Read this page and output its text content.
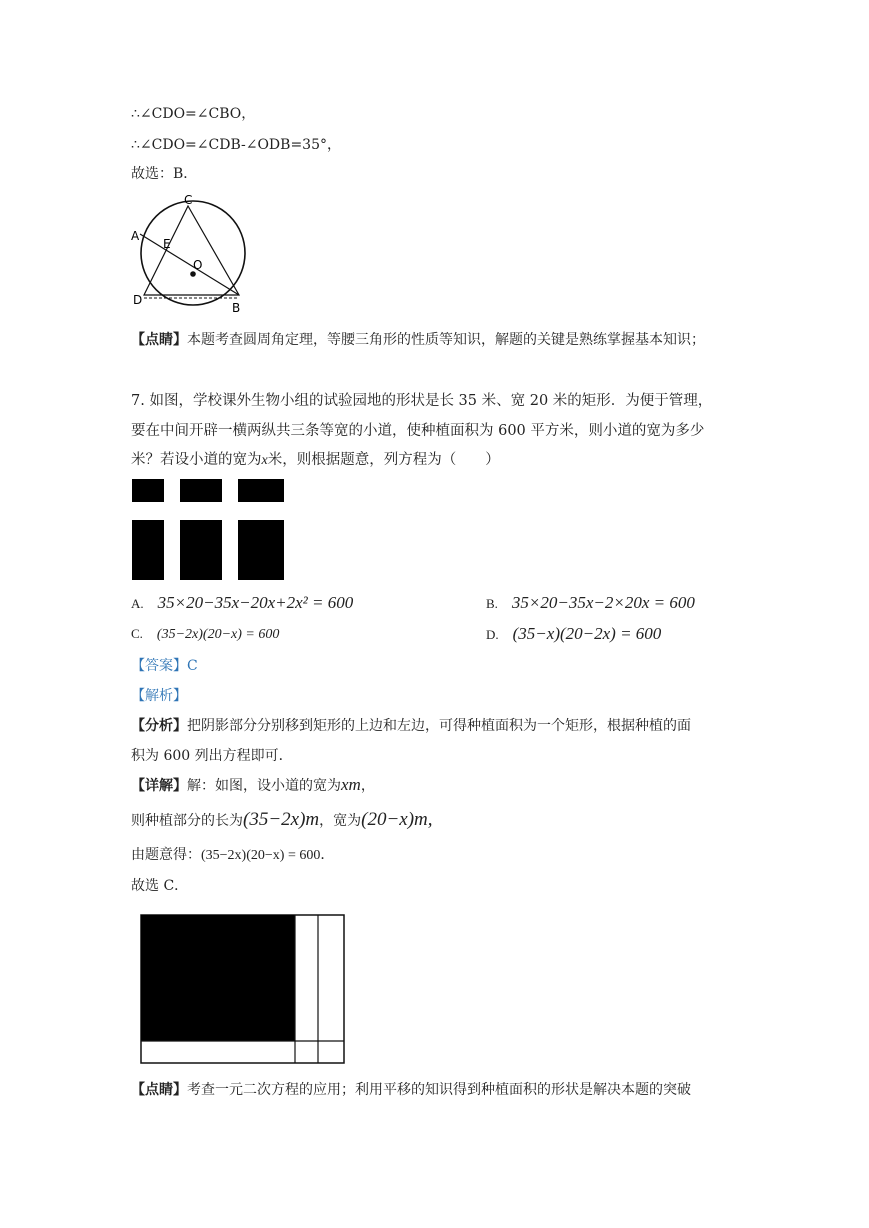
∴∠CDO=∠CBO，
∴∠CDO=∠CDB-∠ODB=35°，
故选：B．
C
A
E
O
D
B
【点睛】本题考查圆周角定理，等腰三角形的性质等知识，解题的关键是熟练掌握基本知识；
7. 如图，学校课外生物小组的试验园地的形状是长 35 米、宽 20 米的矩形．为便于管理，
要在中间开辟一横两纵共三条等宽的小道，使种植面积为 600 平方米，则小道的宽为多少
米？若设小道的宽为x米，则根据题意，列方程为（　　）
A. 35×20−35x−20x+2x² = 600	B. 35×20−35x−2×20x = 600
C. (35−2x)(20−x) = 600	D. (35−x)(20−2x) = 600
【答案】C
【解析】
【分析】把阴影部分分别移到矩形的上边和左边，可得种植面积为一个矩形，根据种植的面
积为 600 列出方程即可．
【详解】解：如图，设小道的宽为xm，
则种植部分的长为(35−2x)m，宽为(20−x)m,
由题意得：(35−2x)(20−x) = 600．
故选 C．
【点睛】考查一元二次方程的应用；利用平移的知识得到种植面积的形状是解决本题的突破
